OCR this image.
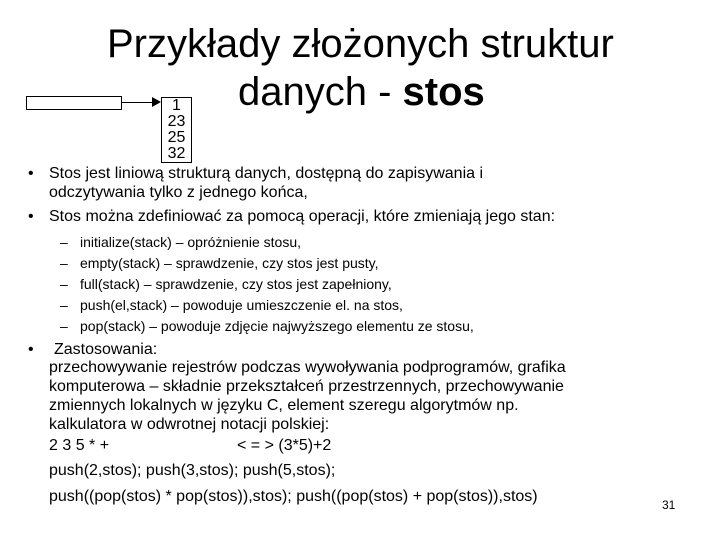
Przykłady złożonych struktur
danych - stos
1
23
25
32
• Stos jest liniową strukturą danych, dostępną do zapisywania i
odczytywania tylko z jednego końca,
• Stos można zdefiniować za pomocą operacji, które zmieniają jego stan:
– initialize(stack) – opróżnienie stosu,
– empty(stack) – sprawdzenie, czy stos jest pusty,
– full(stack) – sprawdzenie, czy stos jest zapełniony,
– push(el,stack) – powoduje umieszczenie el. na stos,
– pop(stack) – powoduje zdjęcie najwyższego elementu ze stosu,
• Zastosowania:
przechowywanie rejestrów podczas wywoływania podprogramów, grafika
komputerowa – składnie przekształceń przestrzennych, przechowywanie
zmiennych lokalnych w języku C, element szeregu algorytmów np.
kalkulatora w odwrotnej notacji polskiej:
2 3 5 * +	< = > (3*5)+2
push(2,stos); push(3,stos); push(5,stos);
push((pop(stos) * pop(stos)),stos); push((pop(stos) + pop(stos)),stos)	31
